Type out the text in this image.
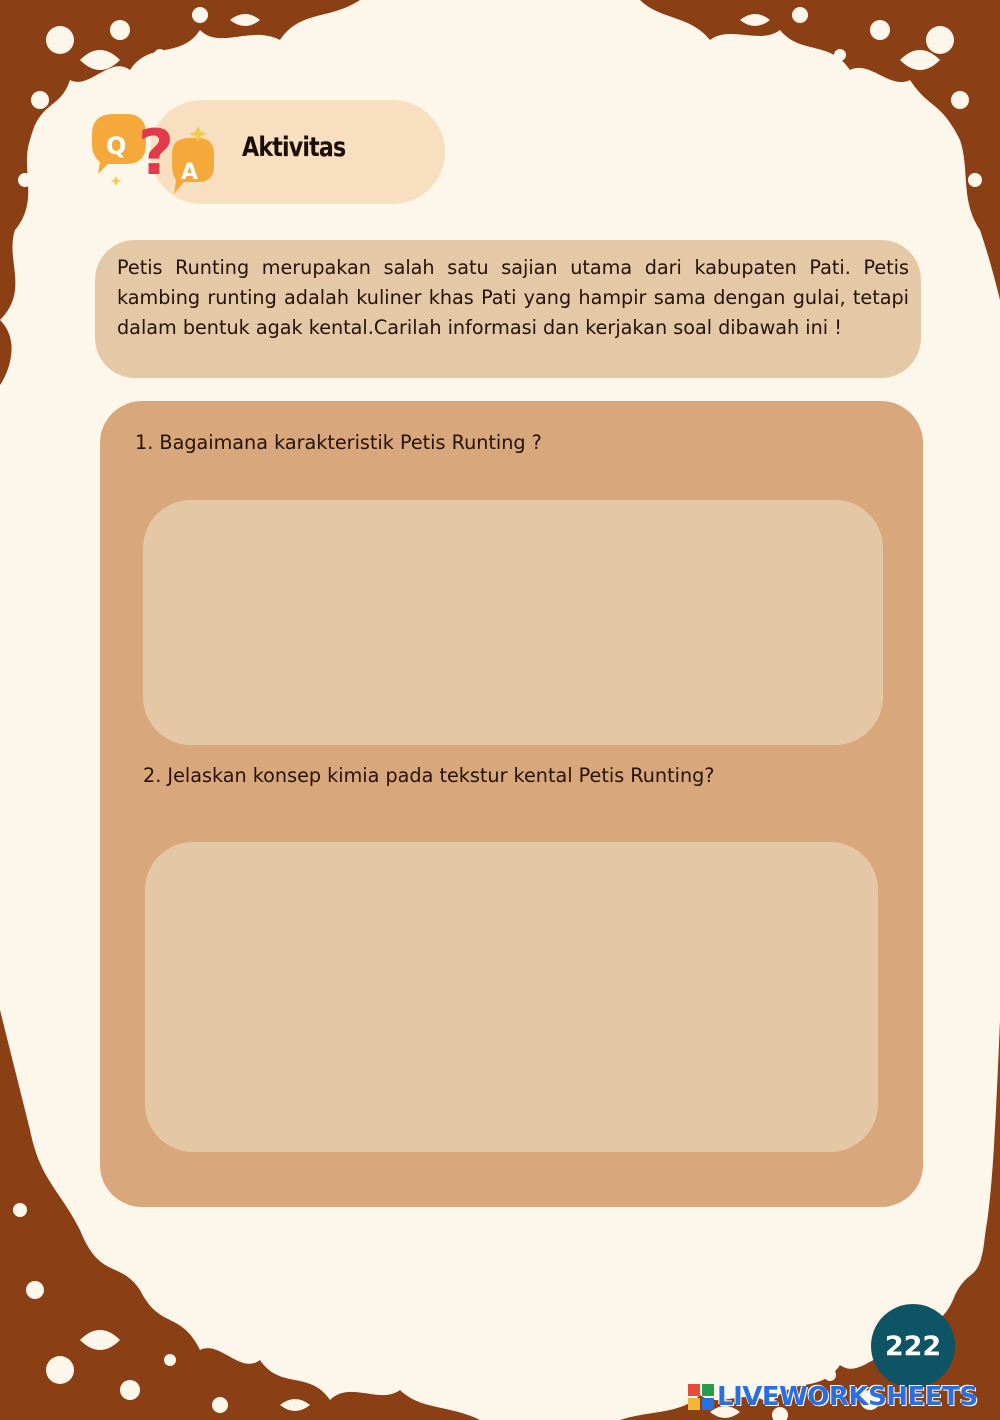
Q
A
?	Aktivitas

Petis Runting merupakan salah satu sajian utama dari kabupaten Pati. Petis kambing runting adalah kuliner khas Pati yang hampir sama dengan gulai, tetapi dalam bentuk agak kental.Carilah informasi dan kerjakan soal dibawah ini !

1. Bagaimana karakteristik Petis Runting ?

2. Jelaskan konsep kimia pada tekstur kental Petis Runting?

222
LIVEWORKSHEETS
